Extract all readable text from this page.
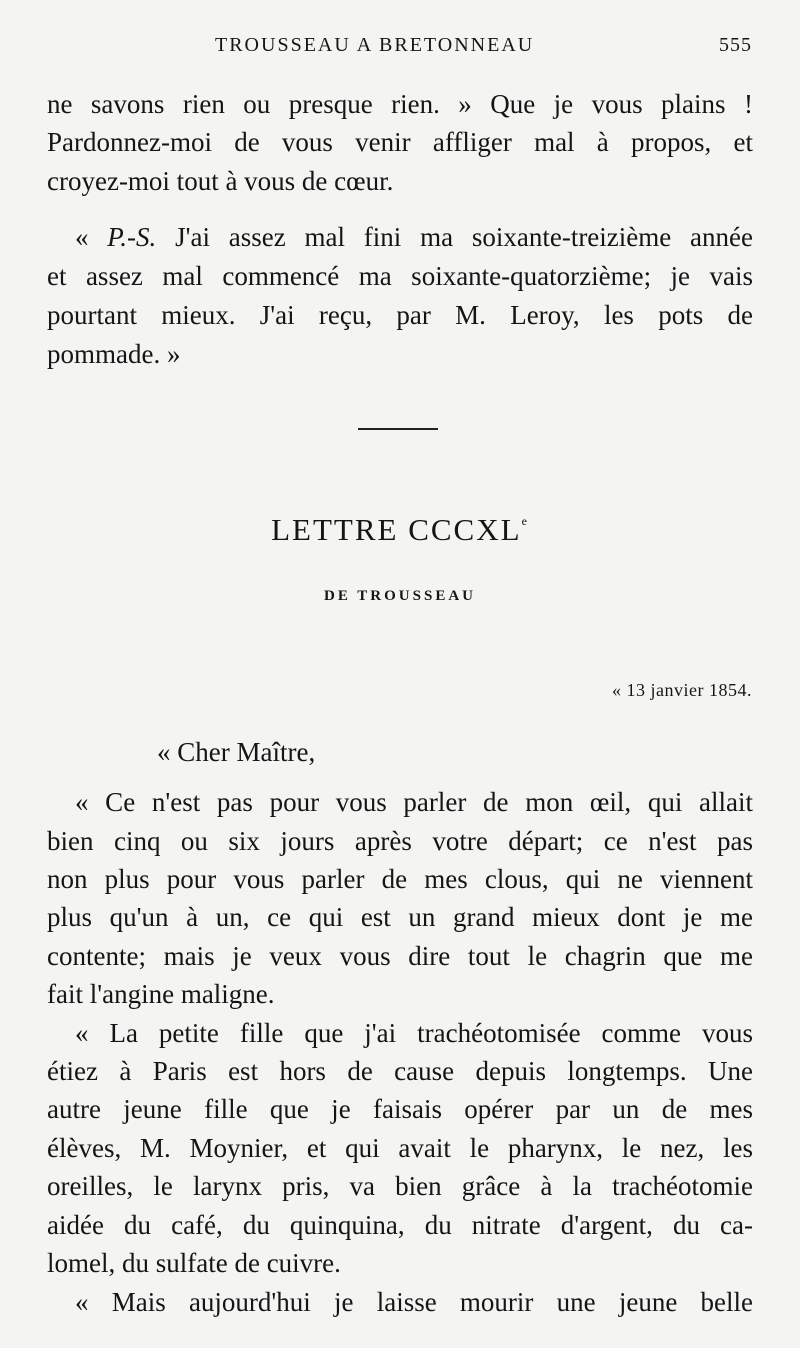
TROUSSEAU A BRETONNEAU	555
ne savons rien ou presque rien. » Que je vous plains !
Pardonnez-moi de vous venir affliger mal à propos, et
croyez-moi tout à vous de cœur.
« P.-S. J'ai assez mal fini ma soixante-treizième année
et assez mal commencé ma soixante-quatorzième; je vais
pourtant mieux. J'ai reçu, par M. Leroy, les pots de
pommade. »
LETTRE CCCXLe
DE TROUSSEAU
« 13 janvier 1854.
« Cher Maître,
« Ce n'est pas pour vous parler de mon œil, qui allait
bien cinq ou six jours après votre départ; ce n'est pas
non plus pour vous parler de mes clous, qui ne viennent
plus qu'un à un, ce qui est un grand mieux dont je me
contente; mais je veux vous dire tout le chagrin que me
fait l'angine maligne.
« La petite fille que j'ai trachéotomisée comme vous
étiez à Paris est hors de cause depuis longtemps. Une
autre jeune fille que je faisais opérer par un de mes
élèves, M. Moynier, et qui avait le pharynx, le nez, les
oreilles, le larynx pris, va bien grâce à la trachéotomie
aidée du café, du quinquina, du nitrate d'argent, du ca-
lomel, du sulfate de cuivre.
« Mais aujourd'hui je laisse mourir une jeune belle
